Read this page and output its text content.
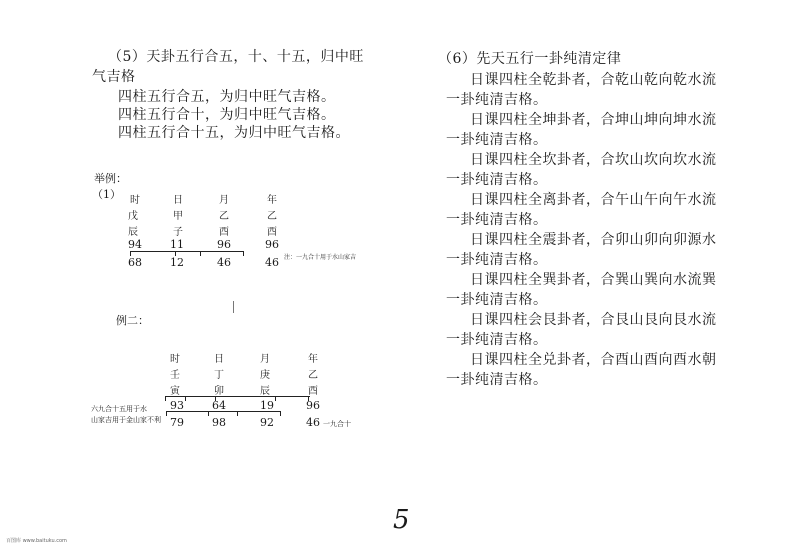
（5）天卦五行合五，十、十五，归中旺
气吉格
四柱五行合五，为归中旺气吉格。
四柱五行合十，为归中旺气吉格。
四柱五行合十五，为归中旺气吉格。
举例：
（1） 时	日	月	年
戊	甲	乙	乙
辰	子	酉	酉
94	11	96	96
68	12	46	46 注：一九合十用于水山家吉
例二：
时	日	月	年
壬	丁	庚	乙
寅	卯	辰	酉
93	64	19	96
六九合十五用于水
山家吉用于金山家不利 79	98	92	46 一九合十
（6）先天五行一卦纯清定律
日课四柱全乾卦者，合乾山乾向乾水流
一卦纯清吉格。
日课四柱全坤卦者，合坤山坤向坤水流
一卦纯清吉格。
日课四柱全坎卦者，合坎山坎向坎水流
一卦纯清吉格。
日课四柱全离卦者，合午山午向午水流
一卦纯清吉格。
日课四柱全震卦者，合卯山卯向卯源水
一卦纯清吉格。
日课四柱全巽卦者，合巽山巽向水流巽
一卦纯清吉格。
日课四柱会艮卦者，合艮山艮向艮水流
一卦纯清吉格。
日课四柱全兑卦者，合酉山酉向酉水朝
一卦纯清吉格。
5
百图库 www.baituku.com
